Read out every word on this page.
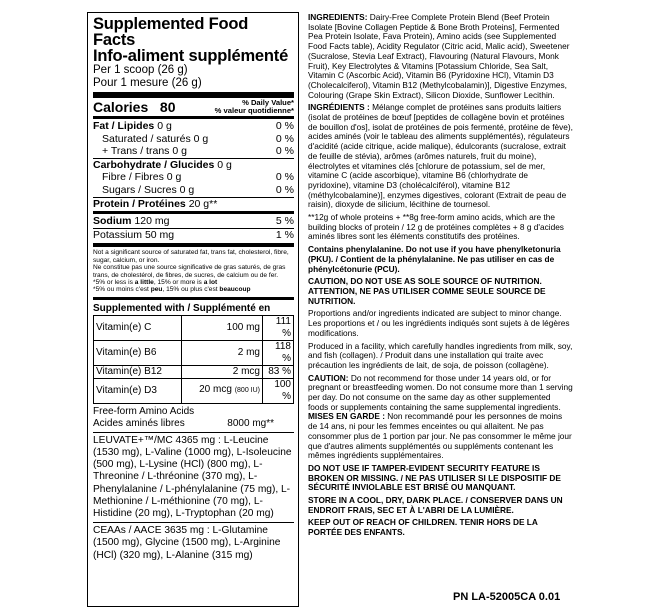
Supplemented Food Facts
Info-aliment supplémenté
Per 1 scoop (26 g)
Pour 1 mesure (26 g)
Calories 80	% Daily Value*
% valeur quotidienne*
Fat / Lipides 0 g	0 %
Saturated / saturés 0 g	0 %
+ Trans / trans 0 g	0 %
Carbohydrate / Glucides 0 g
Fibre / Fibres 0 g	0 %
Sugars / Sucres 0 g	0 %
Protein / Protéines 20 g**
Sodium 120 mg	5 %
Potassium 50 mg	1 %
Not a significant source of saturated fat, trans fat, cholesterol, fibre, sugar, calcium, or iron.
Ne constitue pas une source significative de gras saturés, de gras trans, de cholestérol, de fibres, de sucres, de calcium ou de fer.
*5% or less is a little, 15% or more is a lot
*5% ou moins c'est peu, 15% ou plus c'est beaucoup
Supplemented with / Supplémenté en
Vitamin(e) C	100 mg	111 %
Vitamin(e) B6	2 mg	118 %
Vitamin(e) B12	2 mcg	83 %
Vitamin(e) D3	20 mcg (800 IU)	100 %
Free-form Amino Acids
Acides aminés libres	8000 mg**
LEUVATE+™/MC 4365 mg : L-Leucine (1530 mg), L-Valine (1000 mg), L-Isoleucine (500 mg), L-Lysine (HCl) (800 mg), L-Threonine / L-thréonine (370 mg), L-Phenylalanine / L-phénylalanine (75 mg), L-Methionine / L-méthionine (70 mg), L-Histidine (20 mg), L-Tryptophan (20 mg)
CEAAs / AACE 3635 mg : L-Glutamine (1500 mg), Glycine (1500 mg), L-Arginine (HCl) (320 mg), L-Alanine (315 mg)

INGREDIENTS: Dairy-Free Complete Protein Blend (Beef Protein Isolate [Bovine Collagen Peptide & Bone Broth Proteins], Fermented Pea Protein Isolate, Fava Protein), Amino acids (see Supplemented Food Facts table), Acidity Regulator (Citric acid, Malic acid), Sweetener (Sucralose, Stevia Leaf Extract), Flavouring (Natural Flavours, Monk Fruit), Key Electrolytes & Vitamins [Potassium Chloride, Sea Salt, Vitamin C (Ascorbic Acid), Vitamin B6 (Pyridoxine HCl), Vitamin D3 (Cholecalciferol), Vitamin B12 (Methylcobalamin)], Digestive Enzymes, Colouring (Grape Skin Extract), Silicon Dioxide, Sunflower Lecithin.

INGRÉDIENTS : Mélange complet de protéines sans produits laitiers (isolat de protéines de bœuf [peptides de collagène bovin et protéines de bouillon d'os], isolat de protéines de pois fermenté, protéine de fève), acides aminés (voir le tableau des aliments supplémentés), régulateurs d'acidité (acide citrique, acide malique), édulcorants (sucralose, extrait de feuille de stévia), arômes (arômes naturels, fruit du moine), électrolytes et vitamines clés [chlorure de potassium, sel de mer, vitamine C (acide ascorbique), vitamine B6 (chlorhydrate de pyridoxine), vitamine D3 (cholécalciférol), vitamine B12 (méthylcobalamine)], enzymes digestives, colorant (Extrait de peau de raisin), dioxyde de silicium, lécithine de tournesol.

**12g of whole proteins + **8g free-form amino acids, which are the building blocks of protein / 12 g de protéines complètes + 8 g d'acides aminés libres sont les éléments constitutifs des protéines.

Contains phenylalanine. Do not use if you have phenylketonuria (PKU). / Contient de la phénylalanine. Ne pas utiliser en cas de phénylcétonurie (PCU).

CAUTION, DO NOT USE AS SOLE SOURCE OF NUTRITION. ATTENTION, NE PAS UTILISER COMME SEULE SOURCE DE NUTRITION.

Proportions and/or ingredients indicated are subject to minor change. Les proportions et / ou les ingrédients indiqués sont sujets à de légères modifications.

Produced in a facility, which carefully handles ingredients from milk, soy, and fish (collagen). / Produit dans une installation qui traite avec précaution les ingrédients de lait, de soja, de poisson (collagène).

CAUTION: Do not recommend for those under 14 years old, or for pregnant or breastfeeding women. Do not consume more than 1 serving per day. Do not consume on the same day as other supplemented foods or supplements containing the same supplemental ingredients.

MISES EN GARDE : Non recommandé pour les personnes de moins de 14 ans, ni pour les femmes enceintes ou qui allaitent. Ne pas consommer plus de 1 portion par jour. Ne pas consommer le même jour que d'autres aliments supplémentés ou suppléments contenant les mêmes ingrédients supplémentaires.

DO NOT USE IF TAMPER-EVIDENT SECURITY FEATURE IS BROKEN OR MISSING. / NE PAS UTILISER SI LE DISPOSITIF DE SÉCURITÉ INVIOLABLE EST BRISÉ OU MANQUANT.

STORE IN A COOL, DRY, DARK PLACE. / CONSERVER DANS UN ENDROIT FRAIS, SEC ET À L'ABRI DE LA LUMIÈRE.

KEEP OUT OF REACH OF CHILDREN. TENIR HORS DE LA PORTÉE DES ENFANTS.

PN LA-52005CA 0.01
